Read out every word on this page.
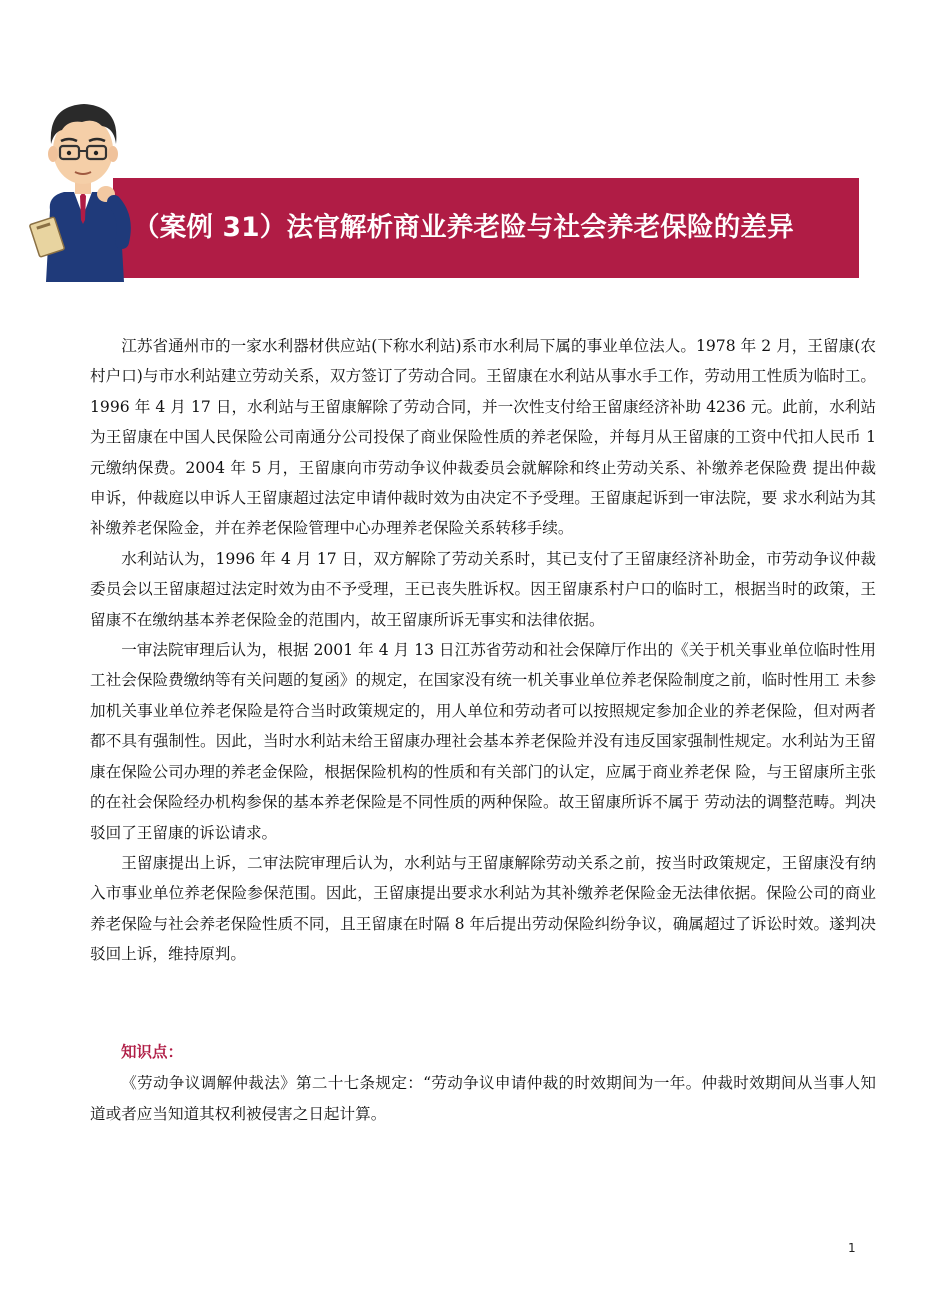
（案例 31）法官解析商业养老险与社会养老保险的差异

江苏省通州市的一家水利器材供应站(下称水利站)系市水利局下属的事业单位法人。1978 年 2 月，王留康(农村户口)与市水利站建立劳动关系，双方签订了劳动合同。王留康在水利站从事水手工作，劳动用工性质为临时工。1996 年 4 月 17 日，水利站与王留康解除了劳动合同，并一次性支付给王留康经济补助 4236 元。此前，水利站为王留康在中国人民保险公司南通分公司投保了商业保险性质的养老保险，并每月从王留康的工资中代扣人民币 1 元缴纳保费。2004 年 5 月，王留康向市劳动争议仲裁委员会就解除和终止劳动关系、补缴养老保险费 提出仲裁申诉，仲裁庭以申诉人王留康超过法定申请仲裁时效为由决定不予受理。王留康起诉到一审法院，要 求水利站为其补缴养老保险金，并在养老保险管理中心办理养老保险关系转移手续。

水利站认为，1996 年 4 月 17 日，双方解除了劳动关系时，其已支付了王留康经济补助金，市劳动争议仲裁 委员会以王留康超过法定时效为由不予受理，王已丧失胜诉权。因王留康系村户口的临时工，根据当时的政策，王留康不在缴纳基本养老保险金的范围内，故王留康所诉无事实和法律依据。

一审法院审理后认为，根据 2001 年 4 月 13 日江苏省劳动和社会保障厅作出的《关于机关事业单位临时性用 工社会保险费缴纳等有关问题的复函》的规定，在国家没有统一机关事业单位养老保险制度之前，临时性用工 未参加机关事业单位养老保险是符合当时政策规定的，用人单位和劳动者可以按照规定参加企业的养老保险，但对两者都不具有强制性。因此，当时水利站未给王留康办理社会基本养老保险并没有违反国家强制性规定。水利站为王留康在保险公司办理的养老金保险，根据保险机构的性质和有关部门的认定，应属于商业养老保 险，与王留康所主张的在社会保险经办机构参保的基本养老保险是不同性质的两种保险。故王留康所诉不属于 劳动法的调整范畴。判决驳回了王留康的诉讼请求。

王留康提出上诉，二审法院审理后认为，水利站与王留康解除劳动关系之前，按当时政策规定，王留康没有纳入市事业单位养老保险参保范围。因此，王留康提出要求水利站为其补缴养老保险金无法律依据。保险公司的商业养老保险与社会养老保险性质不同，且王留康在时隔 8 年后提出劳动保险纠纷争议，确属超过了诉讼时效。遂判决驳回上诉，维持原判。

知识点：

《劳动争议调解仲裁法》第二十七条规定：“劳动争议申请仲裁的时效期间为一年。仲裁时效期间从当事人知道或者应当知道其权利被侵害之日起计算。

1
